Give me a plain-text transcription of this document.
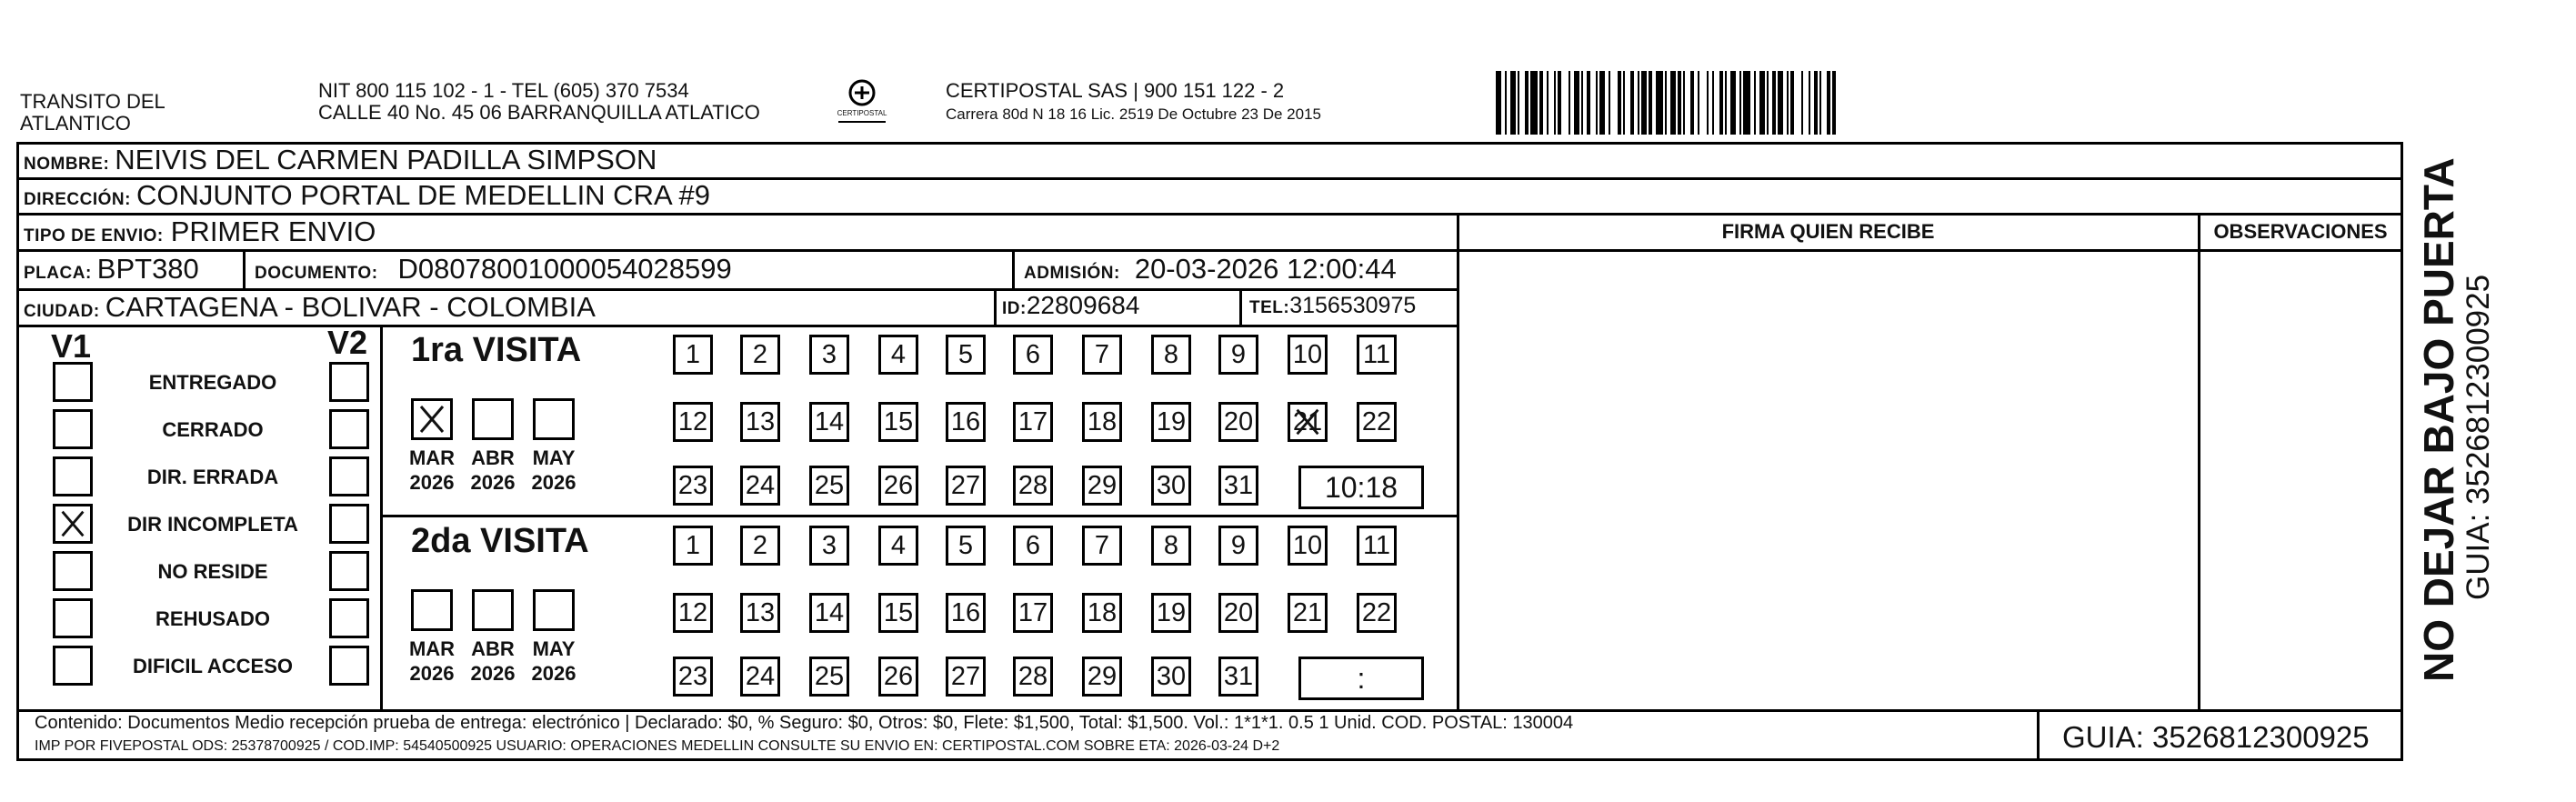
TRANSITO DEL
ATLANTICO
NIT 800 115 102 - 1 - TEL (605) 370 7534
CALLE 40 No. 45 06 BARRANQUILLA ATLATICO	CERTIPOSTAL
CERTIPOSTAL SAS | 900 151 122 - 2
Carrera 80d N 18 16 Lic. 2519 De Octubre 23 De 2015
NOMBRE: NEIVIS DEL CARMEN PADILLA SIMPSON
DIRECCIÓN: CONJUNTO PORTAL DE MEDELLIN CRA #9
TIPO DE ENVIO: PRIMER ENVIO	FIRMA QUIEN RECIBE	OBSERVACIONES
PLACA: BPT380	DOCUMENTO: D08078001000054028599	ADMISIÓN: 20-03-2026 12:00:44
CIUDAD: CARTAGENA - BOLIVAR - COLOMBIA	ID: 22809684	TEL: 3156530975
V1	V2
ENTREGADO
CERRADO
DIR. ERRADA
DIR INCOMPLETA
NO RESIDE
REHUSADO
DIFICIL ACCESO
1ra VISITA
MAR
2026
ABR
2026
MAY
2026
1	2	3	4	5	6	7	8	9	10 11
12 13 14 15 16 17 18 19 20 21 22
23 24 25 26 27 28 29 30 31	10:18
2da VISITA
MAR
2026
ABR
2026
MAY
2026
1	2	3	4	5	6	7	8	9	10 11
12 13 14 15 16 17 18 19 20 21 22
23 24 25 26 27 28 29 30 31	:
Contenido: Documentos Medio recepción prueba de entrega: electrónico | Declarado: $0, % Seguro: $0, Otros: $0, Flete: $1,500, Total: $1,500. Vol.: 1*1*1. 0.5 1 Unid. COD. POSTAL: 130004
IMP POR FIVEPOSTAL ODS: 25378700925 / COD.IMP: 54540500925 USUARIO: OPERACIONES MEDELLIN CONSULTE SU ENVIO EN: CERTIPOSTAL.COM SOBRE ETA: 2026-03-24 D+2	GUIA: 3526812300925
NO DEJAR BAJO PUERTA
GUIA: 3526812300925
